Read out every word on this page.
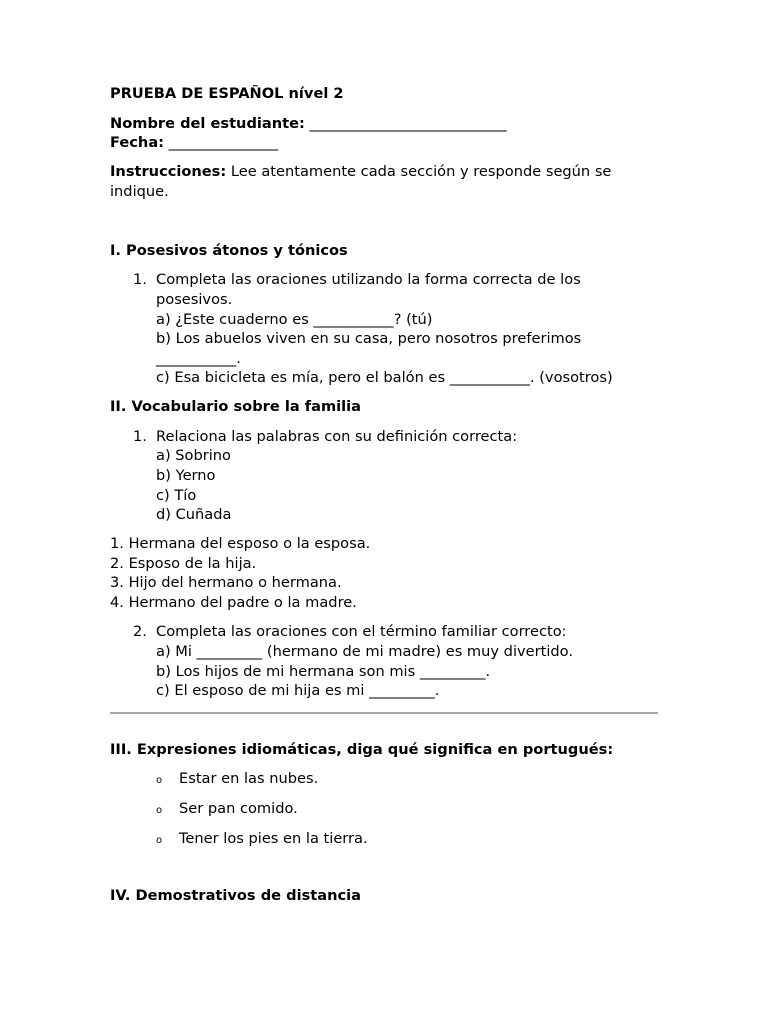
PRUEBA DE ESPAÑOL nível 2
Nombre del estudiante: ___________________________
Fecha: _______________
Instrucciones: Lee atentamente cada sección y responde según se
indique.
I. Posesivos átonos y tónicos
1. Completa las oraciones utilizando la forma correcta de los
posesivos.
a) ¿Este cuaderno es ___________? (tú)
b) Los abuelos viven en su casa, pero nosotros preferimos
___________.
c) Esa bicicleta es mía, pero el balón es ___________. (vosotros)
II. Vocabulario sobre la familia
1. Relaciona las palabras con su definición correcta:
a) Sobrino
b) Yerno
c) Tío
d) Cuñada
1. Hermana del esposo o la esposa.
2. Esposo de la hija.
3. Hijo del hermano o hermana.
4. Hermano del padre o la madre.
2. Completa las oraciones con el término familiar correcto:
a) Mi _________ (hermano de mi madre) es muy divertido.
b) Los hijos de mi hermana son mis _________.
c) El esposo de mi hija es mi _________.
III. Expresiones idiomáticas, diga qué significa en portugués:
o Estar en las nubes.
o Ser pan comido.
o Tener los pies en la tierra.
IV. Demostrativos de distancia
